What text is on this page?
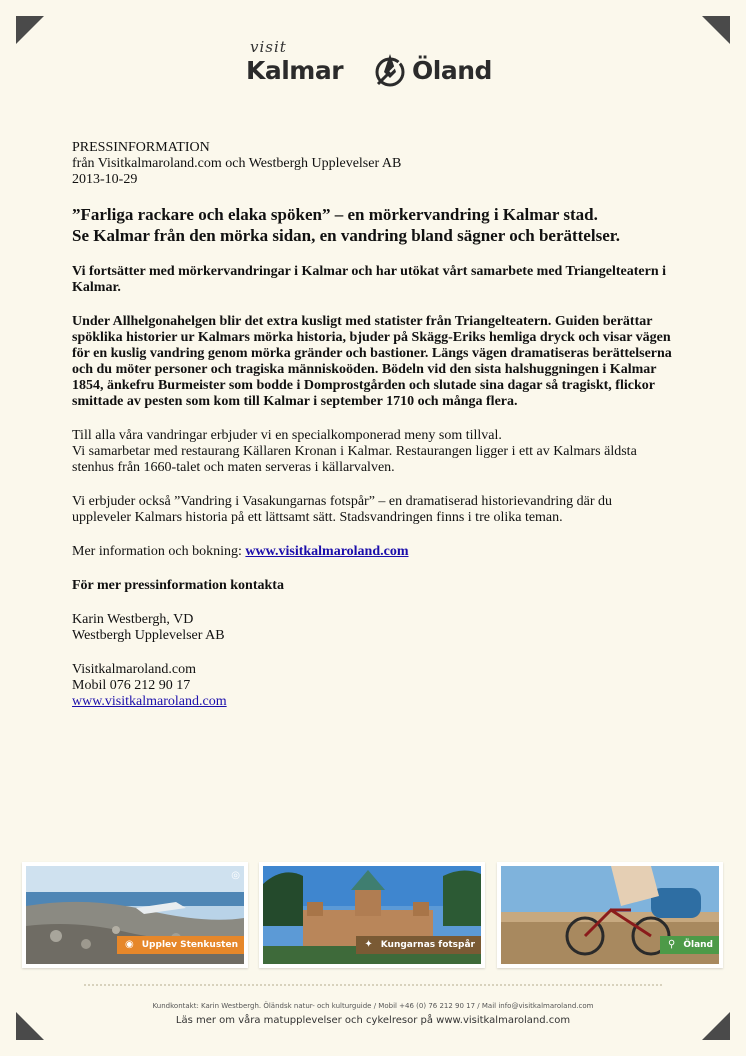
visit
Kalmar	Öland

PRESSINFORMATION
från Visitkalmaroland.com och Westbergh Upplevelser AB
2013-10-29

”Farliga rackare och elaka spöken” – en mörkervandring i Kalmar stad.
Se Kalmar från den mörka sidan, en vandring bland sägner och berättelser.

Vi fortsätter med mörkervandringar i Kalmar och har utökat vårt samarbete med Triangelteatern i Kalmar.

Under Allhelgonahelgen blir det extra kusligt med statister från Triangelteatern. Guiden berättar spöklika historier ur Kalmars mörka historia, bjuder på Skägg-Eriks hemliga dryck och visar vägen för en kuslig vandring genom mörka gränder och bastioner. Längs vägen dramatiseras berättelserna och du möter personer och tragiska människoöden. Bödeln vid den sista halshuggningen i Kalmar 1854, änkefru Burmeister som bodde i Domprostgården och slutade sina dagar så tragiskt, flickor smittade av pesten som kom till Kalmar i september 1710 och många flera.

Till alla våra vandringar erbjuder vi en specialkomponerad meny som tillval.
Vi samarbetar med restaurang Källaren Kronan i Kalmar. Restaurangen ligger i ett av Kalmars äldsta stenhus från 1660-talet och maten serveras i källarvalven.

Vi erbjuder också ”Vandring i Vasakungarnas fotspår” – en dramatiserad historievandring där du uppleveler Kalmars historia på ett lättsamt sätt. Stadsvandringen finns i tre olika teman.

Mer information och bokning: www.visitkalmaroland.com

För mer pressinformation kontakta

Karin Westbergh, VD
Westbergh Upplevelser AB

Visitkalmaroland.com
Mobil 076 212 90 17
www.visitkalmaroland.com

◎
◉ Upplev Stenkusten	✦ Kungarnas fotspår	⚲ Öland
Kundkontakt: Karin Westbergh. Öländsk natur- och kulturguide / Mobil +46 (0) 76 212 90 17 / Mail info@visitkalmaroland.com
Läs mer om våra matupplevelser och cykelresor på www.visitkalmaroland.com
